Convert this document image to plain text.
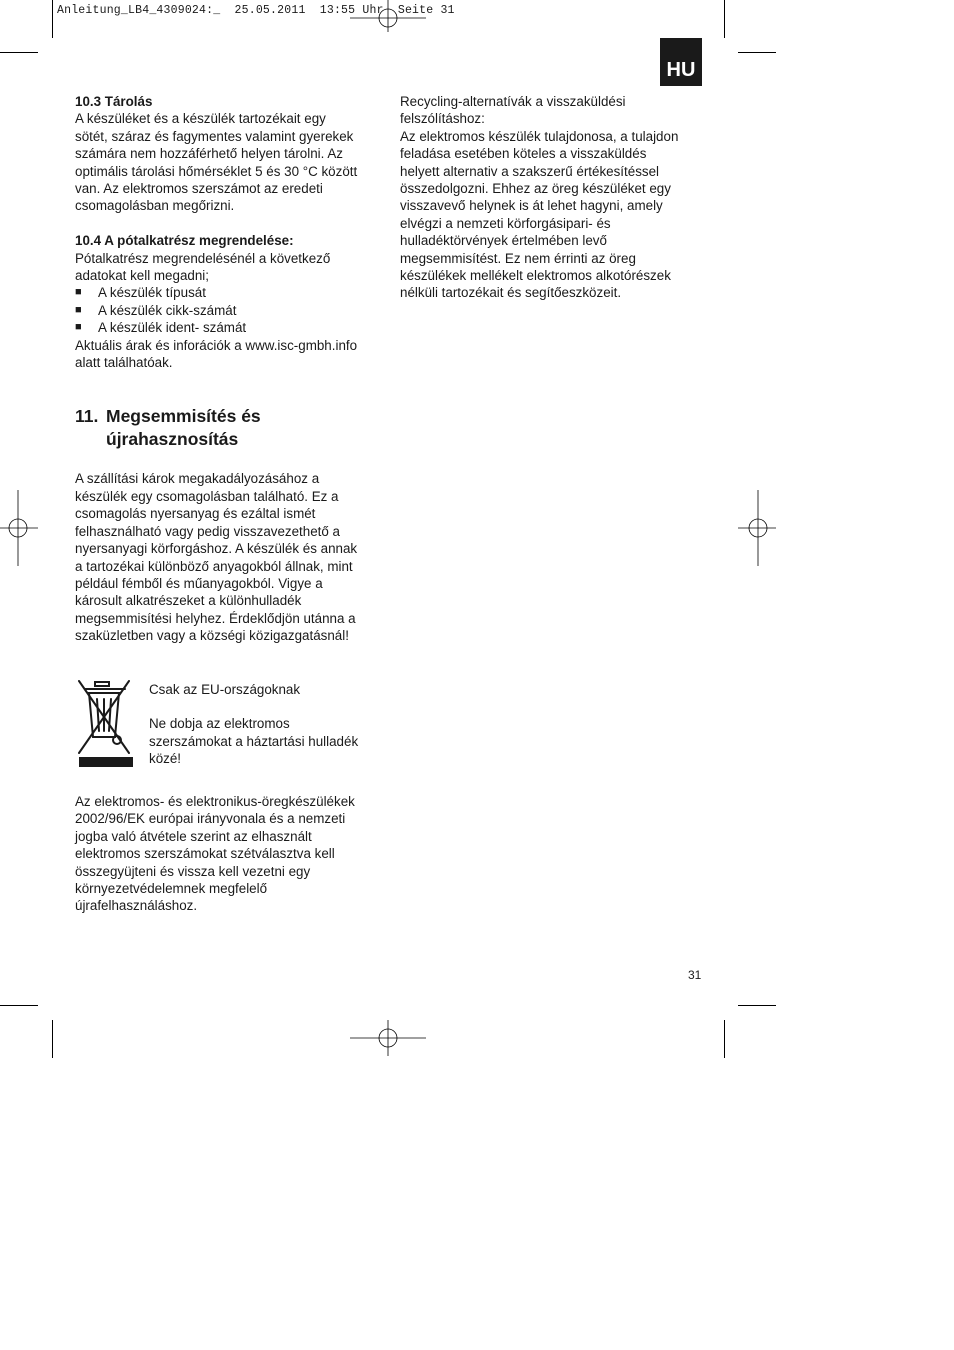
Anleitung_LB4_4309024:_  25.05.2011  13:55 Uhr  Seite 31
HU

10.3 Tárolás

A készüléket és a készülék tartozékait egy

sötét, száraz és fagymentes valamint gyerekek

számára nem hozzáférhető helyen tárolni. Az

optimális tárolási hőmérséklet 5 és 30 °C között

van. Az elektromos szerszámot az eredeti

csomagolásban megőrizni.

10.4 A pótalkatrész megrendelése:

Pótalkatrész megrendelésénél a következő

adatokat kell megadni;

■	A készülék típusát
■	A készülék cikk-számát
■	A készülék ident- számát

Aktuális árak és inforációk a www.isc-gmbh.info

alatt találhatóak.

11. Megsemmisítés és
újrahasznosítás

A szállítási károk megakadályozásához a

készülék egy csomagolásban található. Ez a

csomagolás nyersanyag és ezáltal ismét

felhasználható vagy pedig visszavezethető a

nyersanyagi körforgáshoz. A készülék és annak

a tartozékai különböző anyagokból állnak, mint

például fémből és műanyagokból. Vigye a

károsult alkatrészeket a különhulladék

megsemmisítési helyhez. Érdeklődjön utánna a

szaküzletben vagy a községi közigazgatásnál!

Csak az EU-országoknak

Ne dobja az elektromos

szerszámokat a háztartási hulladék

közé!

Az elektromos- és elektronikus-öregkészülékek

2002/96/EK európai irányvonala és a nemzeti

jogba való átvétele szerint az elhasznált

elektromos szerszámokat szétválasztva kell

összegyüjteni és vissza kell vezetni egy

környezetvédelemnek megfelelő

újrafelhasználáshoz.

Recycling-alternatívák a visszaküldési

felszólításhoz:

Az elektromos készülék tulajdonosa, a tulajdon

feladása esetében köteles a visszaküldés

helyett alternativ a szakszerű értékesítéssel

összedolgozni. Ehhez az öreg készüléket egy

visszavevő helynek is át lehet hagyni, amely

elvégzi a nemzeti körforgásipari- és

hulladéktörvények értelmében levő

megsemmisítést. Ez nem érrinti az öreg

készülékek mellékelt elektromos alkotórészek

nélküli tartozékait és segítőeszközeit.

31
